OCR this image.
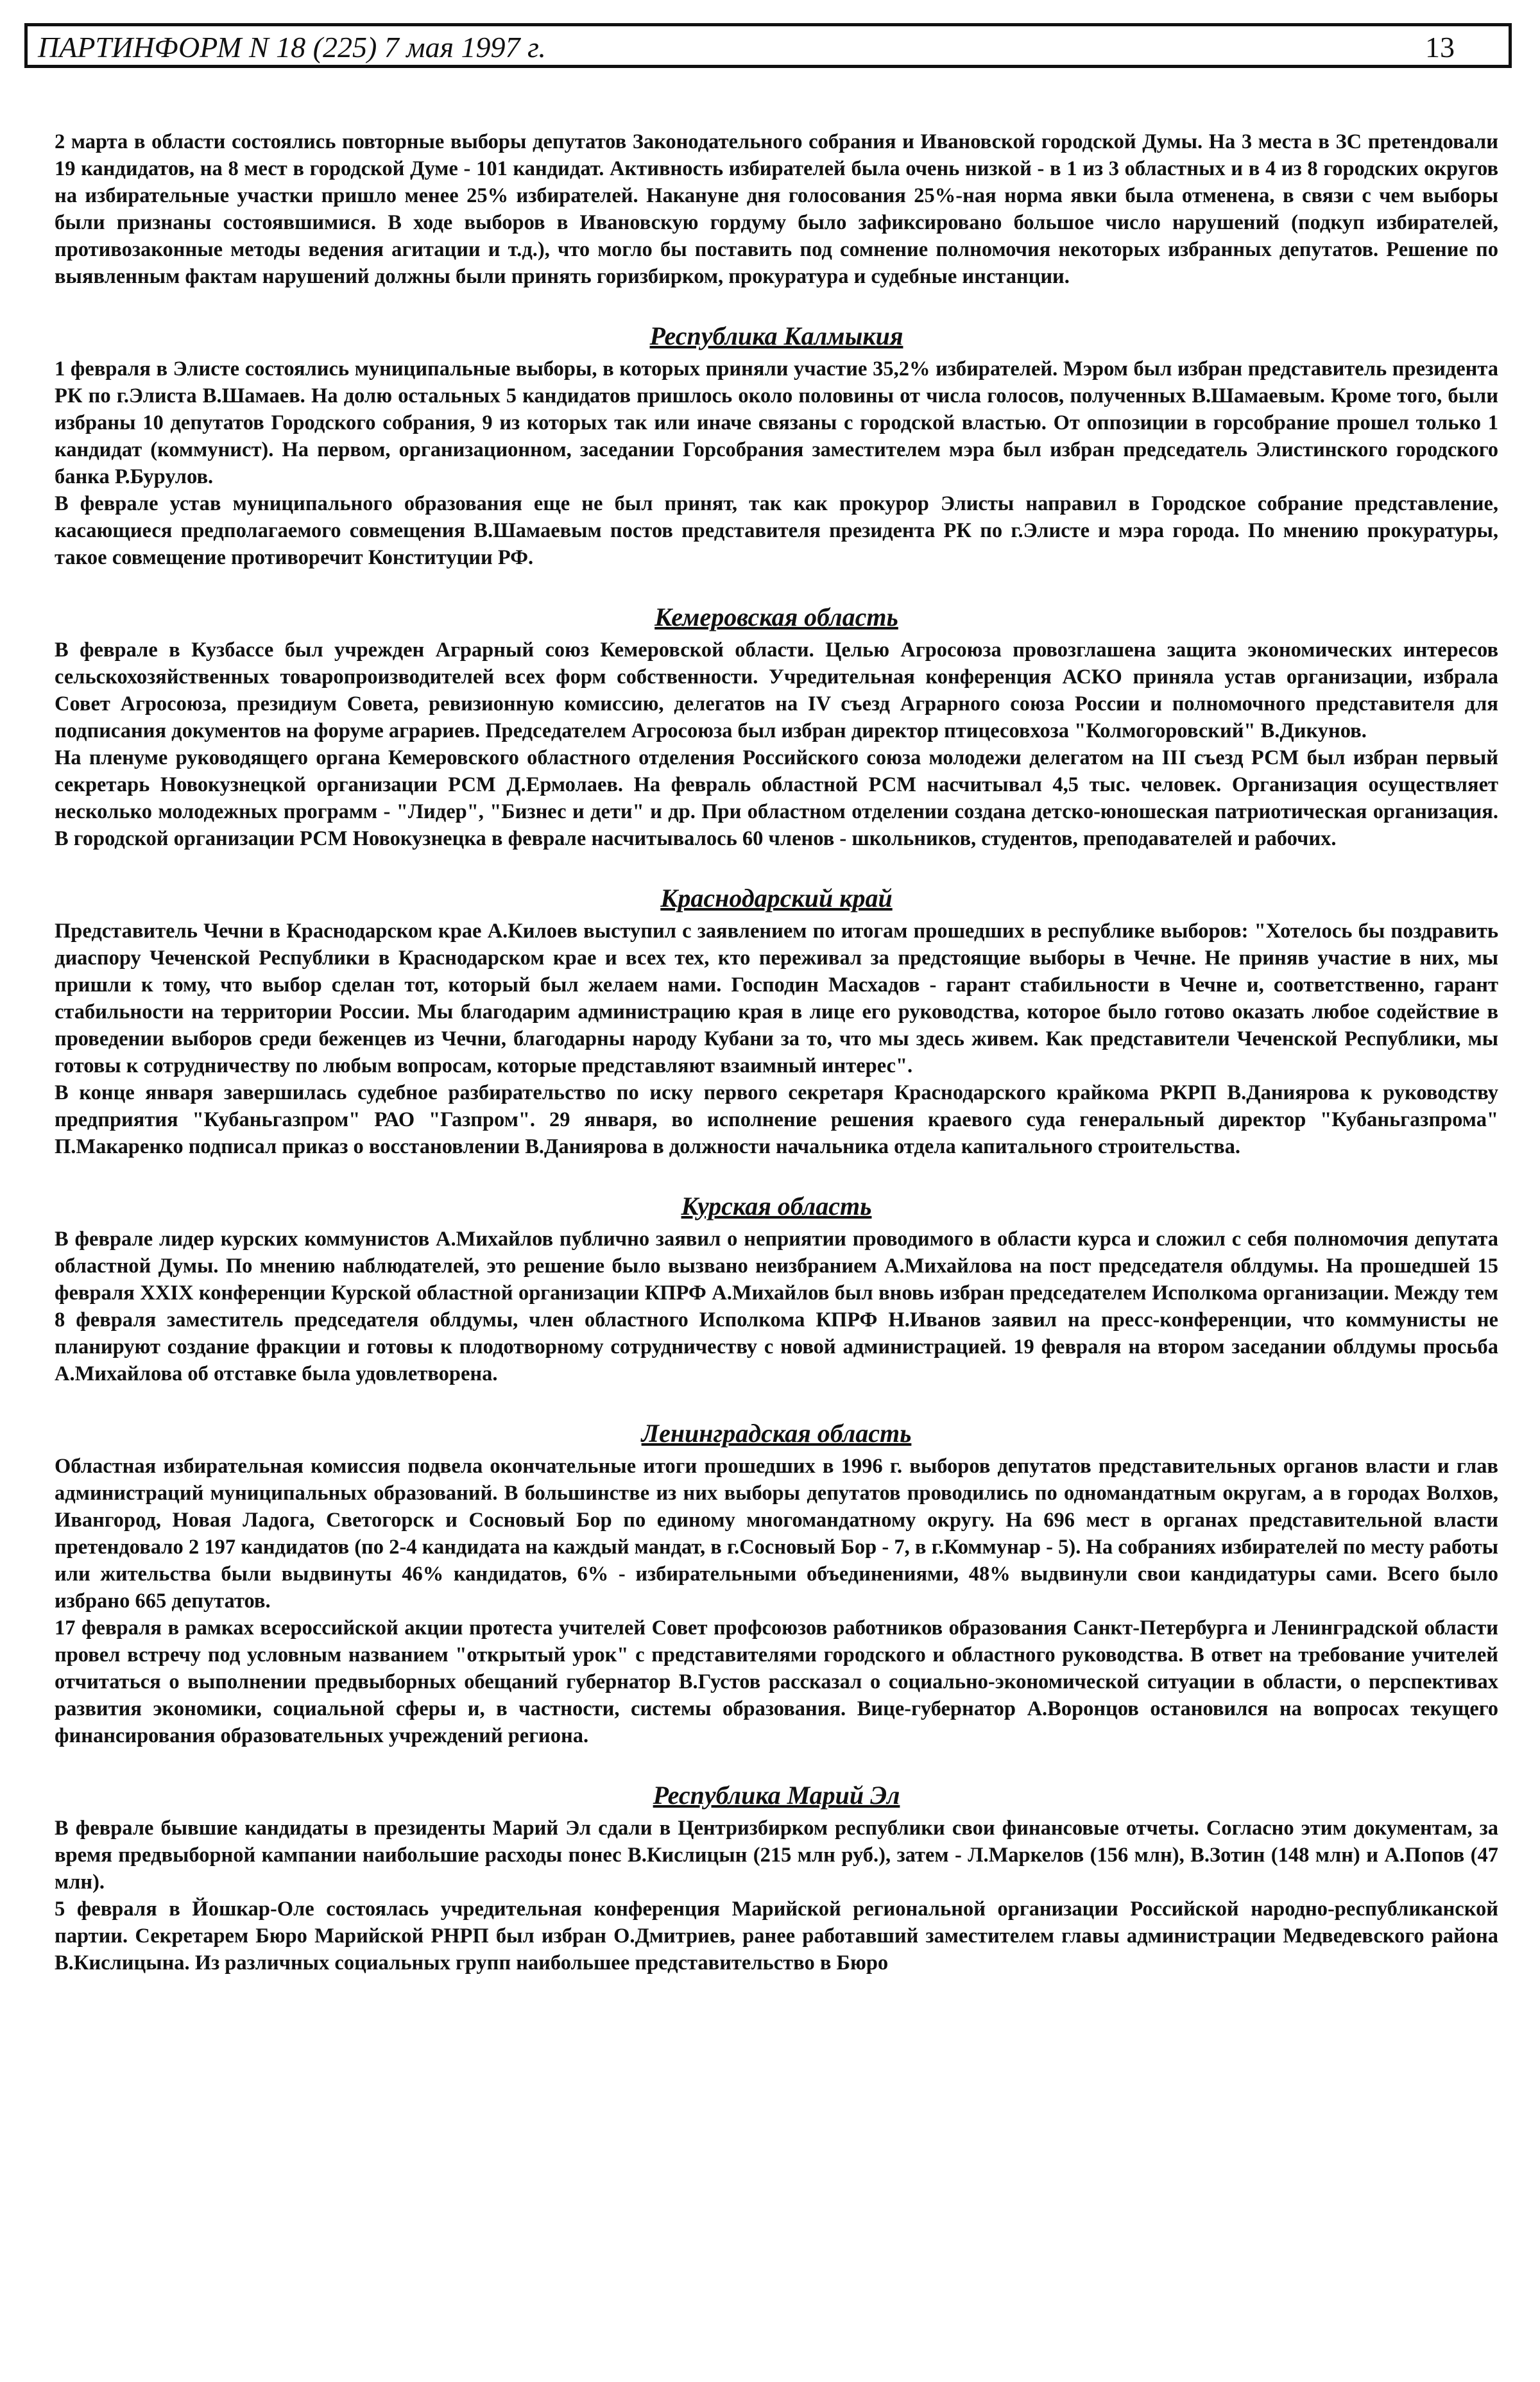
ПАРТИНФОРМ N 18 (225) 7 мая 1997 г.	13

2 марта в области состоялись повторные выборы депутатов Законодательного собрания и Ивановской городской Думы. На 3 места в ЗС претендовали 19 кандидатов, на 8 мест в городской Думе - 101 кандидат. Активность избирателей была очень низкой - в 1 из 3 областных и в 4 из 8 городских округов на избирательные участки пришло менее 25% избирателей. Накануне дня голосования 25%-ная норма явки была отменена, в связи с чем выборы были признаны состоявшимися. В ходе выборов в Ивановскую гордуму было зафиксировано большое число нарушений (подкуп избирателей, противозаконные методы ведения агитации и т.д.), что могло бы поставить под сомнение полномочия некоторых избранных депутатов. Решение по выявленным фактам нарушений должны были принять горизбирком, прокуратура и судебные инстанции.

Республика Калмыкия

1 февраля в Элисте состоялись муниципальные выборы, в которых приняли участие 35,2% избирателей. Мэром был избран представитель президента РК по г.Элиста В.Шамаев. На долю остальных 5 кандидатов пришлось около половины от числа голосов, полученных В.Шамаевым. Кроме того, были избраны 10 депутатов Городского собрания, 9 из которых так или иначе связаны с городской властью. От оппозиции в горсобрание прошел только 1 кандидат (коммунист). На первом, организационном, заседании Горсобрания заместителем мэра был избран председатель Элистинского городского банка Р.Бурулов.

В феврале устав муниципального образования еще не был принят, так как прокурор Элисты направил в Городское собрание представление, касающиеся предполагаемого совмещения В.Шамаевым постов представителя президента РК по г.Элисте и мэра города. По мнению прокуратуры, такое совмещение противоречит Конституции РФ.

Кемеровская область

В феврале в Кузбассе был учрежден Аграрный союз Кемеровской области. Целью Агросоюза провозглашена защита экономических интересов сельскохозяйственных товаропроизводителей всех форм собственности. Учредительная конференция АСКО приняла устав организации, избрала Совет Агросоюза, президиум Совета, ревизионную комиссию, делегатов на IV съезд Аграрного союза России и полномочного представителя для подписания документов на форуме аграриев. Председателем Агросоюза был избран директор птицесовхоза "Колмогоровский" В.Дикунов.

На пленуме руководящего органа Кемеровского областного отделения Российского союза молодежи делегатом на III съезд РСМ был избран первый секретарь Новокузнецкой организации РСМ Д.Ермолаев. На февраль областной РСМ насчитывал 4,5 тыс. человек. Организация осуществляет несколько молодежных программ - "Лидер", "Бизнес и дети" и др. При областном отделении создана детско-юношеская патриотическая организация. В городской организации РСМ Новокузнецка в феврале насчитывалось 60 членов - школьников, студентов, преподавателей и рабочих.

Краснодарский край

Представитель Чечни в Краснодарском крае А.Килоев выступил с заявлением по итогам прошедших в республике выборов: "Хотелось бы поздравить диаспору Чеченской Республики в Краснодарском крае и всех тех, кто переживал за предстоящие выборы в Чечне. Не приняв участие в них, мы пришли к тому, что выбор сделан тот, который был желаем нами. Господин Масхадов - гарант стабильности в Чечне и, соответственно, гарант стабильности на территории России. Мы благодарим администрацию края в лице его руководства, которое было готово оказать любое содействие в проведении выборов среди беженцев из Чечни, благодарны народу Кубани за то, что мы здесь живем. Как представители Чеченской Республики, мы готовы к сотрудничеству по любым вопросам, которые представляют взаимный интерес".

В конце января завершилась судебное разбирательство по иску первого секретаря Краснодарского крайкома РКРП В.Даниярова к руководству предприятия "Кубаньгазпром" РАО "Газпром". 29 января, во исполнение решения краевого суда генеральный директор "Кубаньгазпрома" П.Макаренко подписал приказ о восстановлении В.Даниярова в должности начальника отдела капитального строительства.

Курская область

В феврале лидер курских коммунистов А.Михайлов публично заявил о неприятии проводимого в области курса и сложил с себя полномочия депутата областной Думы. По мнению наблюдателей, это решение было вызвано неизбранием А.Михайлова на пост председателя облдумы. На прошедшей 15 февраля XXIX конференции Курской областной организации КПРФ А.Михайлов был вновь избран председателем Исполкома организации. Между тем 8 февраля заместитель председателя облдумы, член областного Исполкома КПРФ Н.Иванов заявил на пресс-конференции, что коммунисты не планируют создание фракции и готовы к плодотворному сотрудничеству с новой администрацией. 19 февраля на втором заседании облдумы просьба А.Михайлова об отставке была удовлетворена.

Ленинградская область

Областная избирательная комиссия подвела окончательные итоги прошедших в 1996 г. выборов депутатов представительных органов власти и глав администраций муниципальных образований. В большинстве из них выборы депутатов проводились по одномандатным округам, а в городах Волхов, Ивангород, Новая Ладога, Светогорск и Сосновый Бор по единому многомандатному округу. На 696 мест в органах представительной власти претендовало 2 197 кандидатов (по 2-4 кандидата на каждый мандат, в г.Сосновый Бор - 7, в г.Коммунар - 5). На собраниях избирателей по месту работы или жительства были выдвинуты 46% кандидатов, 6% - избирательными объединениями, 48% выдвинули свои кандидатуры сами. Всего было избрано 665 депутатов.

17 февраля в рамках всероссийской акции протеста учителей Совет профсоюзов работников образования Санкт-Петербурга и Ленинградской области провел встречу под условным названием "открытый урок" с представителями городского и областного руководства. В ответ на требование учителей отчитаться о выполнении предвыборных обещаний губернатор В.Густов рассказал о социально-экономической ситуации в области, о перспективах развития экономики, социальной сферы и, в частности, системы образования. Вице-губернатор А.Воронцов остановился на вопросах текущего финансирования образовательных учреждений региона.

Республика Марий Эл

В феврале бывшие кандидаты в президенты Марий Эл сдали в Центризбирком республики свои финансовые отчеты. Согласно этим документам, за время предвыборной кампании наибольшие расходы понес В.Кислицын (215 млн руб.), затем - Л.Маркелов (156 млн), В.Зотин (148 млн) и А.Попов (47 млн).

5 февраля в Йошкар-Оле состоялась учредительная конференция Марийской региональной организации Российской народно-республиканской партии. Секретарем Бюро Марийской РНРП был избран О.Дмитриев, ранее работавший заместителем главы администрации Медведевского района В.Кислицына. Из различных социальных групп наибольшее представительство в Бюро
